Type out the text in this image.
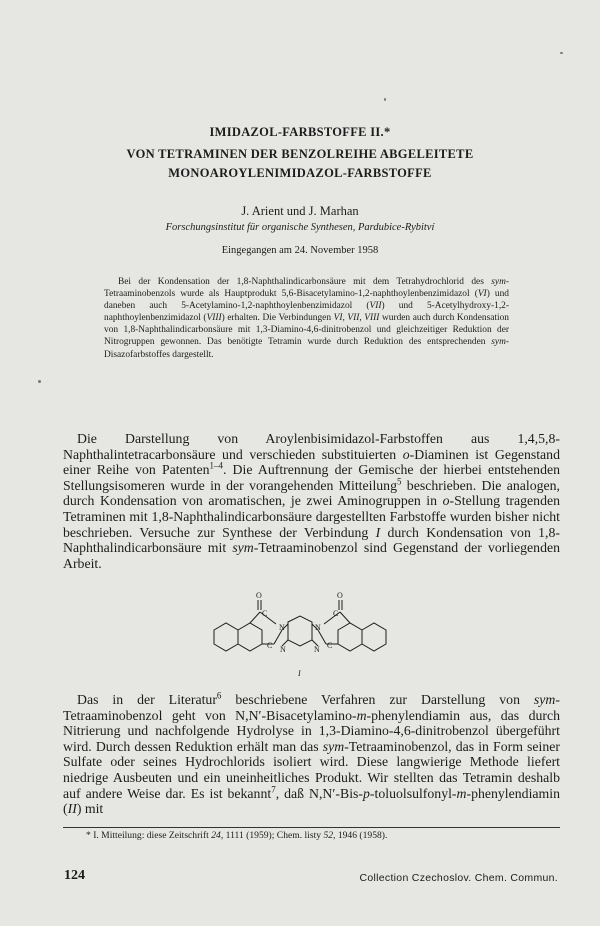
IMIDAZOL-FARBSTOFFE II.*
VON TETRAMINEN DER BENZOLREIHE ABGELEITETE
MONOAROYLENIMIDAZOL-FARBSTOFFE
J. Arient und J. Marhan
Forschungsinstitut für organische Synthesen, Pardubice-Rybitví
Eingegangen am 24. November 1958

Bei der Kondensation der 1,8-Naphthalindicarbonsäure mit dem Tetrahydrochlorid des sym-Tetraaminobenzols wurde als Hauptprodukt 5,6-Bisacetylamino-1,2-naphthoylenbenzimidazol (VI) und daneben auch 5-Acetylamino-1,2-naphthoylenbenzimidazol (VII) und 5-Acetylhydroxy-1,2-naphthoylenbenzimidazol (VIII) erhalten. Die Verbindungen VI, VII, VIII wurden auch durch Kondensation von 1,8-Naphthalindicarbonsäure mit 1,3-Diamino-4,6-dinitrobenzol und gleichzeitiger Reduktion der Nitrogruppen gewonnen. Das benötigte Tetramin wurde durch Reduktion des entsprechenden sym-Disazofarbstoffes dargestellt.

Die Darstellung von Aroylenbisimidazol-Farbstoffen aus 1,4,5,8-Naphthalintetracarbonsäure und verschieden substituierten o-Diaminen ist Gegenstand einer Reihe von Patenten$^{1-4}$. Die Auftrennung der Gemische der hierbei entstehenden Stellungsisomeren wurde in der vorangehenden Mitteilung$^5$ beschrieben. Die analogen, durch Kondensation von aromatischen, je zwei Aminogruppen in o-Stellung tragenden Tetraminen mit 1,8-Naphthalindicarbonsäure dargestellten Farbstoffe wurden bisher nicht beschrieben. Versuche zur Synthese der Verbindung I durch Kondensation von 1,8-Naphthalindicarbonsäure mit sym-Tetraaminobenzol sind Gegenstand der vorliegenden Arbeit.

O	O
C	C
C	C
N
N
N
N
I

Das in der Literatur$^6$ beschriebene Verfahren zur Darstellung von sym-Tetraaminobenzol geht von N,N′-Bisacetylamino-m-phenylendiamin aus, das durch Nitrierung und nachfolgende Hydrolyse in 1,3-Diamino-4,6-dinitrobenzol übergeführt wird. Durch dessen Reduktion erhält man das sym-Tetraaminobenzol, das in Form seiner Sulfate oder seines Hydrochlorids isoliert wird. Diese langwierige Methode liefert niedrige Ausbeuten und ein uneinheitliches Produkt. Wir stellten das Tetramin deshalb auf andere Weise dar. Es ist bekannt$^7$, daß N,N′-Bis-p-toluolsulfonyl-m-phenylendiamin (II) mit

* I. Mitteilung: diese Zeitschrift 24, 1111 (1959); Chem. listy 52, 1946 (1958).
124	Collection Czechoslov. Chem. Commun.
